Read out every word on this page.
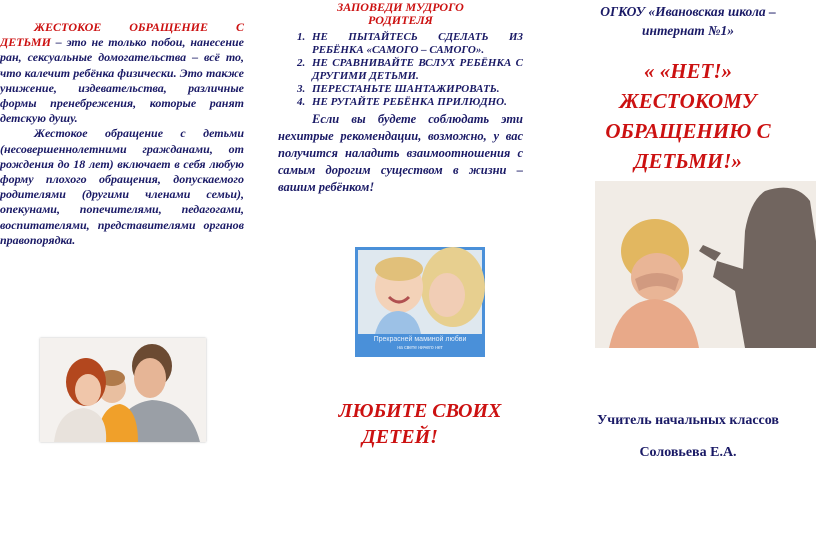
ЖЕСТОКОЕ ОБРАЩЕНИЕ С ДЕТЬМИ – это не только побои, нанесение ран, сексуальные домогательства – всё то, что калечит ребёнка физически. Это также унижение, издевательства, различные формы пренебрежения, которые ранят детскую душу.

Жестокое обращение с детьми (несовершеннолетними гражданами, от рождения до 18 лет) включает в себя любую форму плохого обращения, допускаемого родителями (другими членами семьи), опекунами, попечителями, педагогами, воспитателями, представителями органов правопорядка.

ЗАПОВЕДИ МУДРОГО
РОДИТЕЛЯ

1. НЕ ПЫТАЙТЕСЬ СДЕЛАТЬ ИЗ РЕБЁНКА «САМОГО – САМОГО».
2. НЕ СРАВНИВАЙТЕ ВСЛУХ РЕБЁНКА С ДРУГИМИ ДЕТЬМИ.
3. ПЕРЕСТАНЬТЕ ШАНТАЖИРОВАТЬ.
4. НЕ РУГАЙТЕ РЕБЁНКА ПРИЛЮДНО.

Если вы будете соблюдать эти нехитрые рекомендации, возможно, у вас получится наладить взаимоотношения с самым дорогим существом в жизни – вашим ребёнком!

Прекрасней маминой любви
на свете ничего нет
ЛЮБИТЕ СВОИХ
ДЕТЕЙ!

ОГКОУ «Ивановская школа –
интернат №1»

« «НЕТ!»
ЖЕСТОКОМУ
ОБРАЩЕНИЮ С
ДЕТЬМИ!»

Учитель начальных классов
Соловьева Е.А.
